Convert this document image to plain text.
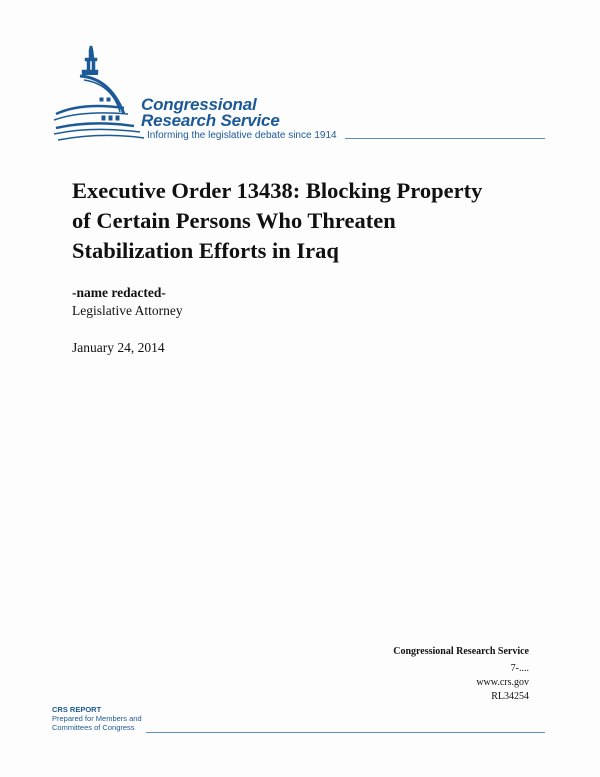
Congressional
Research Service
Informing the legislative debate since 1914
Executive Order 13438: Blocking Property
of Certain Persons Who Threaten
Stabilization Efforts in Iraq
-name redacted-
Legislative Attorney
January 24, 2014
Congressional Research Service
7-....
www.crs.gov
RL34254
CRS REPORT
Prepared for Members and
Committees of Congress
